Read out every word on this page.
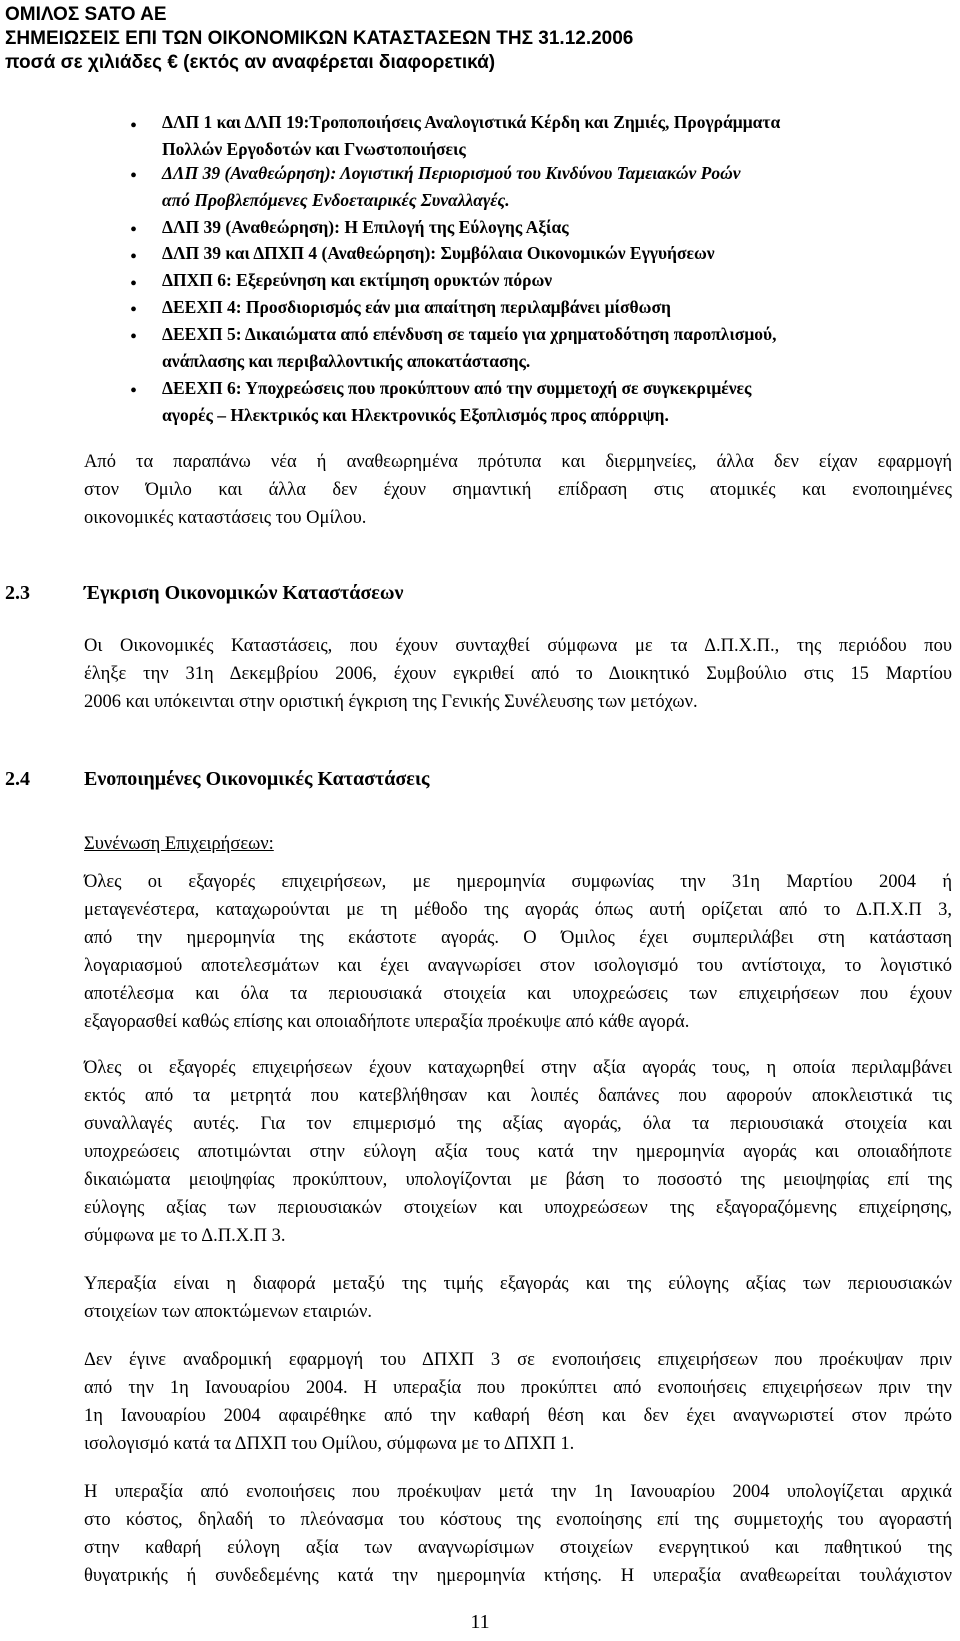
ΟΜΙΛΟΣ SATO AE
ΣΗΜΕΙΩΣΕΙΣ ΕΠΙ ΤΩΝ ΟΙΚΟΝΟΜΙΚΩΝ ΚΑΤΑΣΤΑΣΕΩΝ ΤΗΣ 31.12.2006
ποσά σε χιλιάδες € (εκτός αν αναφέρεται διαφορετικά)
•	ΔΛΠ 1 και ΔΛΠ 19:Τροποποιήσεις Αναλογιστικά Κέρδη και Ζημιές, Προγράμματα
Πολλών Εργοδοτών και Γνωστοποιήσεις
•	ΔΛΠ 39 (Αναθεώρηση): Λογιστική Περιορισμού του Κινδύνου Ταμειακών Ροών
από Προβλεπόμενες Ενδοεταιρικές Συναλλαγές.
•	ΔΛΠ 39 (Αναθεώρηση): Η Επιλογή της Εύλογης Αξίας
•	ΔΛΠ 39 και ΔΠΧΠ 4 (Αναθεώρηση): Συμβόλαια Οικονομικών Εγγυήσεων
•	ΔΠΧΠ 6: Εξερεύνηση και εκτίμηση ορυκτών πόρων
•	ΔΕΕΧΠ 4: Προσδιορισμός εάν μια απαίτηση περιλαμβάνει μίσθωση
•	ΔΕΕΧΠ 5: Δικαιώματα από επένδυση σε ταμείο για χρηματοδότηση παροπλισμού,
ανάπλασης και περιβαλλοντικής αποκατάστασης.
•	ΔΕΕΧΠ 6: Υποχρεώσεις που προκύπτουν από την συμμετοχή σε συγκεκριμένες
αγορές – Ηλεκτρικός και Ηλεκτρονικός Εξοπλισμός προς απόρριψη.
Από τα παραπάνω νέα ή αναθεωρημένα πρότυπα και διερμηνείες, άλλα δεν είχαν εφαρμογή
στον Όμιλο και άλλα δεν έχουν σημαντική επίδραση στις ατομικές και ενοποιημένες
οικονομικές καταστάσεις του Ομίλου.
2.3	Έγκριση Οικονομικών Καταστάσεων
Οι Οικονομικές Καταστάσεις, που έχουν συνταχθεί σύμφωνα με τα Δ.Π.Χ.Π., της περιόδου που
έληξε την 31η Δεκεμβρίου 2006, έχουν εγκριθεί από το Διοικητικό Συμβούλιο στις 15 Μαρτίου
2006 και υπόκεινται στην οριστική έγκριση της Γενικής Συνέλευσης των μετόχων.
2.4	Ενοποιημένες Οικονομικές Καταστάσεις
Συνένωση Επιχειρήσεων:
Όλες οι εξαγορές επιχειρήσεων, με ημερομηνία συμφωνίας την 31η Μαρτίου 2004 ή
μεταγενέστερα, καταχωρούνται με τη μέθοδο της αγοράς όπως αυτή ορίζεται από το Δ.Π.Χ.Π 3,
από την ημερομηνία της εκάστοτε αγοράς. Ο Όμιλος έχει συμπεριλάβει στη κατάσταση
λογαριασμού αποτελεσμάτων και έχει αναγνωρίσει στον ισολογισμό του αντίστοιχα, το λογιστικό
αποτέλεσμα και όλα τα περιουσιακά στοιχεία και υποχρεώσεις των επιχειρήσεων που έχουν
εξαγορασθεί καθώς επίσης και οποιαδήποτε υπεραξία προέκυψε από κάθε αγορά.
Όλες οι εξαγορές επιχειρήσεων έχουν καταχωρηθεί στην αξία αγοράς τους, η οποία περιλαμβάνει
εκτός από τα μετρητά που κατεβλήθησαν και λοιπές δαπάνες που αφορούν αποκλειστικά τις
συναλλαγές αυτές. Για τον επιμερισμό της αξίας αγοράς, όλα τα περιουσιακά στοιχεία και
υποχρεώσεις αποτιμώνται στην εύλογη αξία τους κατά την ημερομηνία αγοράς και οποιαδήποτε
δικαιώματα μειοψηφίας προκύπτουν, υπολογίζονται με βάση το ποσοστό της μειοψηφίας επί της
εύλογης αξίας των περιουσιακών στοιχείων και υποχρεώσεων της εξαγοραζόμενης επιχείρησης,
σύμφωνα με το Δ.Π.Χ.Π 3.
Υπεραξία είναι η διαφορά μεταξύ της τιμής εξαγοράς και της εύλογης αξίας των περιουσιακών
στοιχείων των αποκτώμενων εταιριών.
Δεν έγινε αναδρομική εφαρμογή του ΔΠΧΠ 3 σε ενοποιήσεις επιχειρήσεων που προέκυψαν πριν
από την 1η Ιανουαρίου 2004. Η υπεραξία που προκύπτει από ενοποιήσεις επιχειρήσεων πριν την
1η Ιανουαρίου 2004 αφαιρέθηκε από την καθαρή θέση και δεν έχει αναγνωριστεί στον πρώτο
ισολογισμό κατά τα ΔΠΧΠ του Ομίλου, σύμφωνα με το ΔΠΧΠ 1.
Η υπεραξία από ενοποιήσεις που προέκυψαν μετά την 1η Ιανουαρίου 2004 υπολογίζεται αρχικά
στο κόστος, δηλαδή το πλεόνασμα του κόστους της ενοποίησης επί της συμμετοχής του αγοραστή
στην καθαρή εύλογη αξία των αναγνωρίσιμων στοιχείων ενεργητικού και παθητικού της
θυγατρικής ή συνδεδεμένης κατά την ημερομηνία κτήσης. Η υπεραξία αναθεωρείται τουλάχιστον
11
